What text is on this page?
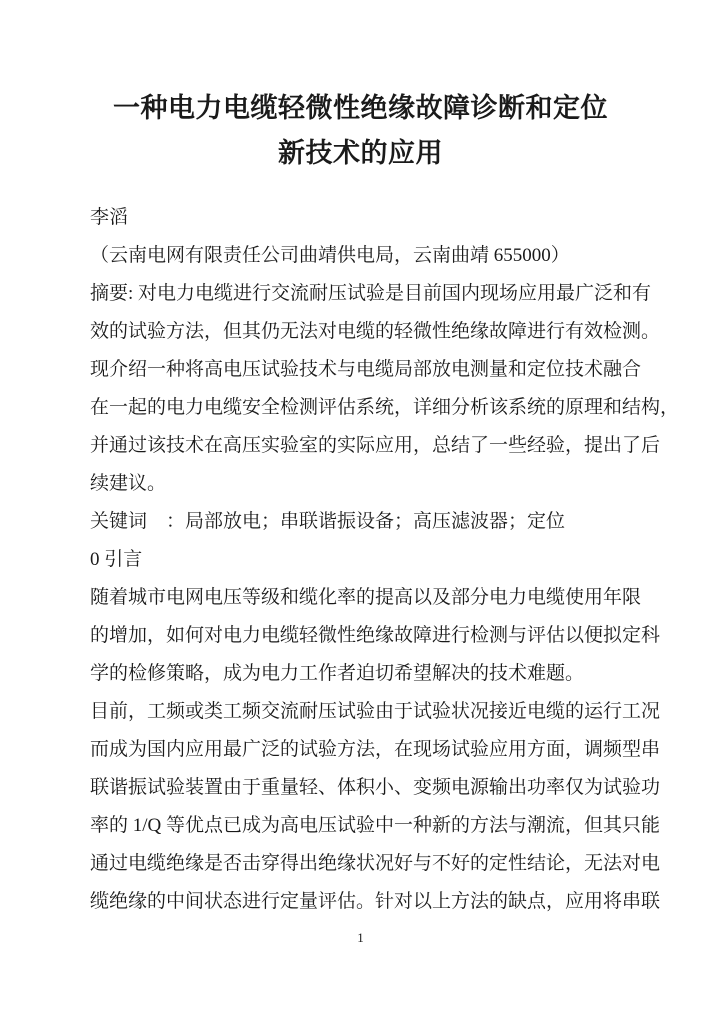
一种电力电缆轻微性绝缘故障诊断和定位
新技术的应用
李滔
（云南电网有限责任公司曲靖供电局，云南曲靖 655000）
摘要: 对电力电缆进行交流耐压试验是目前国内现场应用最广泛和有
效的试验方法，但其仍无法对电缆的轻微性绝缘故障进行有效检测。
现介绍一种将高电压试验技术与电缆局部放电测量和定位技术融合
在一起的电力电缆安全检测评估系统，详细分析该系统的原理和结构，
并通过该技术在高压实验室的实际应用，总结了一些经验，提出了后
续建议。
关键词　：局部放电；串联谐振设备；高压滤波器；定位
0 引言
随着城市电网电压等级和缆化率的提高以及部分电力电缆使用年限
的增加，如何对电力电缆轻微性绝缘故障进行检测与评估以便拟定科
学的检修策略，成为电力工作者迫切希望解决的技术难题。
目前，工频或类工频交流耐压试验由于试验状况接近电缆的运行工况
而成为国内应用最广泛的试验方法，在现场试验应用方面，调频型串
联谐振试验装置由于重量轻、体积小、变频电源输出功率仅为试验功
率的 1/Q 等优点已成为高电压试验中一种新的方法与潮流，但其只能
通过电缆绝缘是否击穿得出绝缘状况好与不好的定性结论，无法对电
缆绝缘的中间状态进行定量评估。针对以上方法的缺点，应用将串联
1
